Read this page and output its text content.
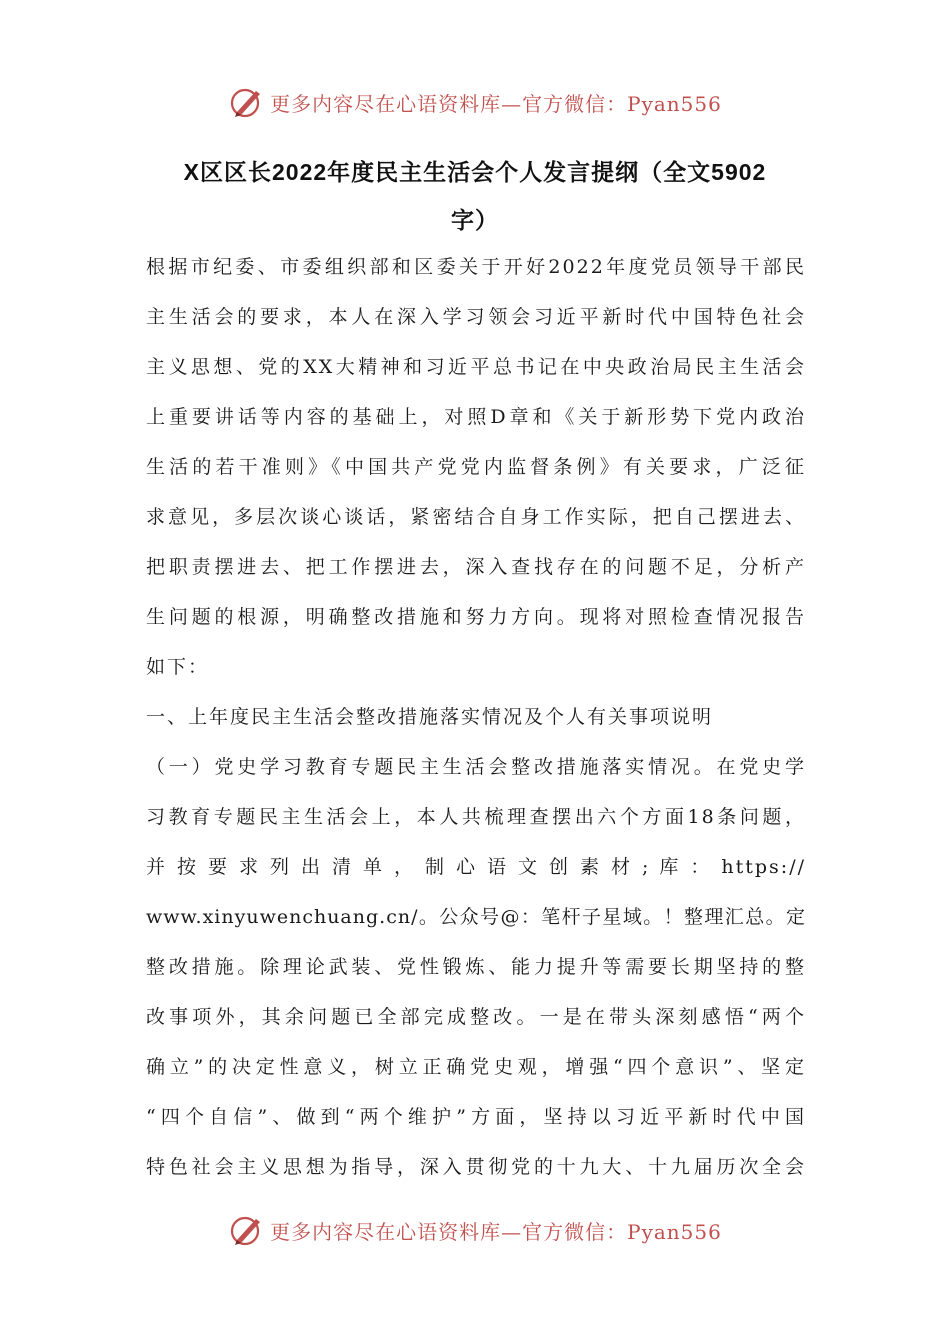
更多内容尽在心语资料库—官方微信：Pyan556
X区区长2022年度民主生活会个人发言提纲（全文5902
字）
根据市纪委、市委组织部和区委关于开好2022年度党员领导干部民
主生活会的要求，本人在深入学习领会习近平新时代中国特色社会
主义思想、党的XX大精神和习近平总书记在中央政治局民主生活会
上重要讲话等内容的基础上，对照D章和《关于新形势下党内政治
生活的若干准则》《中国共产党党内监督条例》有关要求，广泛征
求意见，多层次谈心谈话，紧密结合自身工作实际，把自己摆进去、
把职责摆进去、把工作摆进去，深入查找存在的问题不足，分析产
生问题的根源，明确整改措施和努力方向。现将对照检查情况报告
如下：
一、上年度民主生活会整改措施落实情况及个人有关事项说明
（一）党史学习教育专题民主生活会整改措施落实情况。在党史学
习教育专题民主生活会上，本人共梳理查摆出六个方面18条问题，
并 按 要 求 列 出 清 单 ， 制 心 语 文 创 素 材 ; 库 ： https://
www.xinyuwenchuang.cn/。公众号@：笔杆子星域。！整理汇总。定
整改措施。除理论武装、党性锻炼、能力提升等需要长期坚持的整
改事项外，其余问题已全部完成整改。一是在带头深刻感悟“两个
确立”的决定性意义，树立正确党史观，增强“四个意识”、坚定
“四个自信”、做到“两个维护”方面，坚持以习近平新时代中国
特色社会主义思想为指导，深入贯彻党的十九大、十九届历次全会
更多内容尽在心语资料库—官方微信：Pyan556
